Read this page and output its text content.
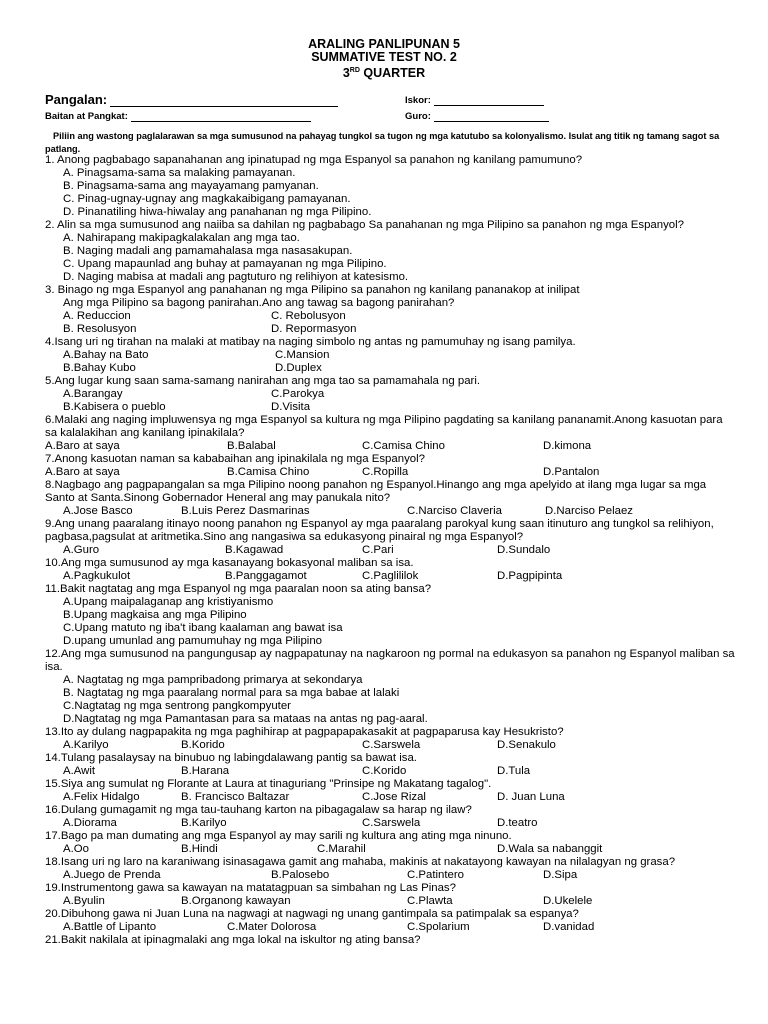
ARALING PANLIPUNAN 5
SUMMATIVE TEST NO. 2
3RD QUARTER
Pangalan:	Iskor:
Baitan at Pangkat:	Guro:
Piliin ang wastong paglalarawan sa mga sumusunod na pahayag tungkol sa tugon ng mga katutubo sa kolonyalismo. Isulat ang titik ng tamang sagot sa patlang.
1. Anong pagbabago sapanahanan ang ipinatupad ng mga Espanyol sa panahon ng kanilang pamumuno?
A. Pinagsama-sama sa malaking pamayanan.
B. Pinagsama-sama ang mayayamang pamyanan.
C. Pinag-ugnay-ugnay ang magkakaibigang pamayanan.
D. Pinanatiling hiwa-hiwalay ang panahanan ng mga Pilipino.
2. Alin sa mga sumusunod ang naiiba sa dahilan ng pagbabago Sa panahanan ng mga Pilipino sa panahon ng mga Espanyol?
A. Nahirapang makipagkalakalan ang mga tao.
B. Naging madali ang pamamahalasa mga nasasakupan.
C. Upang mapaunlad ang buhay at pamayanan ng mga Pilipino.
D. Naging mabisa at madali ang pagtuturo ng relihiyon at katesismo.
3. Binago ng mga Espanyol ang panahanan ng mga Pilipino sa panahon ng kanilang pananakop at inilipat
Ang mga Pilipino sa bagong panirahan.Ano ang tawag sa bagong panirahan?
A. Reduccion	C. Rebolusyon
B. Resolusyon	D. Repormasyon
4.Isang uri ng tirahan na malaki at matibay na naging simbolo ng antas ng pamumuhay ng isang pamilya.
A.Bahay na Bato	C.Mansion
B.Bahay Kubo	D.Duplex
5.Ang lugar kung saan sama-samang nanirahan ang mga tao sa pamamahala ng pari.
A.Barangay	C.Parokya
B.Kabisera o pueblo	D.Visita
6.Malaki ang naging impluwensya ng mga Espanyol sa kultura ng mga Pilipino pagdating sa kanilang pananamit.Anong kasuotan para sa kalalakihan ang kanilang ipinakilala?
A.Baro at saya	B.Balabal	C.Camisa Chino	D.kimona
7.Anong kasuotan naman sa kababaihan ang ipinakilala ng mga Espanyol?
A.Baro at saya	B.Camisa Chino	C.Ropilla	D.Pantalon
8.Nagbago ang pagpapangalan sa mga Pilipino noong panahon ng Espanyol.Hinango ang mga apelyido at ilang mga lugar sa mga Santo at Santa.Sinong Gobernador Heneral ang may panukala nito?
A.Jose Basco	B.Luis Perez Dasmarinas	C.Narciso Claveria	D.Narciso Pelaez
9.Ang unang paaralang itinayo noong panahon ng Espanyol ay mga paaralang parokyal kung saan itinuturo ang tungkol sa relihiyon, pagbasa,pagsulat at aritmetika.Sino ang nangasiwa sa edukasyong pinairal ng mga Espanyol?
A.Guro	B.Kagawad	C.Pari	D.Sundalo
10.Ang mga sumusunod ay mga kasanayang bokasyonal maliban sa isa.
A.Pagkukulot	B.Panggagamot	C.Paglililok	D.Pagpipinta
11.Bakit nagtatag ang mga Espanyol ng mga paaralan noon sa ating bansa?
A.Upang maipalaganap ang kristiyanismo
B.Upang magkaisa ang mga Pilipino
C.Upang matuto ng iba't ibang kaalaman ang bawat isa
D.upang umunlad ang pamumuhay ng mga Pilipino
12.Ang mga sumusunod na pangungusap ay nagpapatunay na nagkaroon ng pormal na edukasyon sa panahon ng Espanyol maliban sa isa.
A. Nagtatag ng mga pampribadong primarya at sekondarya
B. Nagtatag ng mga paaralang normal para sa mga babae at lalaki
C.Nagtatag ng mga sentrong pangkompyuter
D.Nagtatag ng mga Pamantasan para sa mataas na antas ng pag-aaral.
13.Ito ay dulang nagpapakita ng mga paghihirap at pagpapapakasakit at pagpaparusa kay Hesukristo?
A.Karilyo	B.Korido	C.Sarswela	D.Senakulo
14.Tulang pasalaysay na binubuo ng labingdalawang pantig sa bawat isa.
A.Awit	B.Harana	C.Korido	D.Tula
15.Siya ang sumulat ng Florante at Laura at tinaguriang "Prinsipe ng Makatang tagalog".
A.Felix Hidalgo	B. Francisco Baltazar	C.Jose Rizal	D. Juan Luna
16.Dulang gumagamit ng mga tau-tauhang karton na pibagagalaw sa harap ng ilaw?
A.Diorama	B.Karilyo	C.Sarswela	D.teatro
17.Bago pa man dumating ang mga Espanyol ay may sarili ng kultura ang ating mga ninuno.
A.Oo	B.Hindi	C.Marahil	D.Wala sa nabanggit
18.Isang uri ng laro na karaniwang isinasagawa gamit ang mahaba, makinis at nakatayong kawayan na nilalagyan ng grasa?
A.Juego de Prenda	B.Palosebo	C.Patintero	D.Sipa
19.Instrumentong gawa sa kawayan na matatagpuan sa simbahan ng Las Pinas?
A.Byulin	B.Organong kawayan	C.Plawta	D.Ukelele
20.Dibuhong gawa ni Juan Luna na nagwagi at nagwagi ng unang gantimpala sa patimpalak sa espanya?
A.Battle of Lipanto	C.Mater Dolorosa	C.Spolarium	D.vanidad
21.Bakit nakilala at ipinagmalaki ang mga lokal na iskultor ng ating bansa?
